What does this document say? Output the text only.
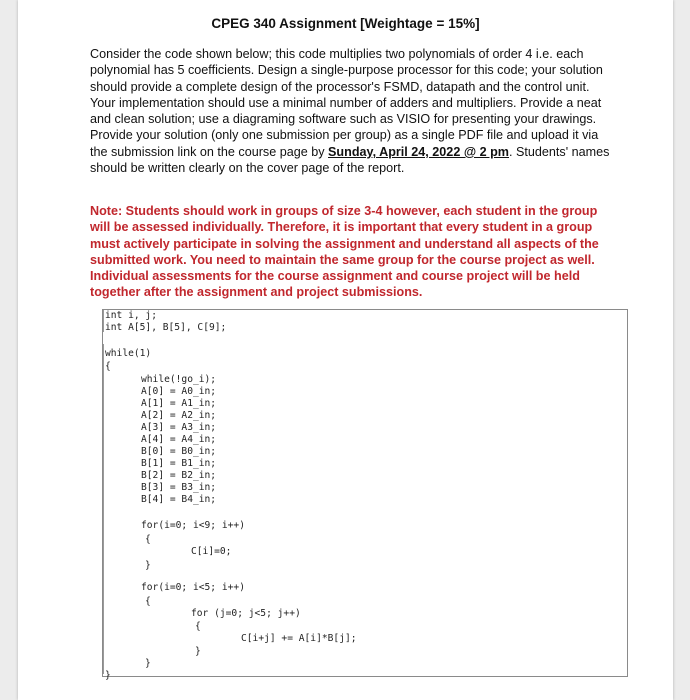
CPEG 340 Assignment [Weightage = 15%]
Consider the code shown below; this code multiplies two polynomials of order 4 i.e. each polynomial has 5 coefficients. Design a single-purpose processor for this code; your solution should provide a complete design of the processor's FSMD, datapath and the control unit. Your implementation should use a minimal number of adders and multipliers. Provide a neat and clean solution; use a diagraming software such as VISIO for presenting your drawings. Provide your solution (only one submission per group) as a single PDF file and upload it via the submission link on the course page by Sunday, April 24, 2022 @ 2 pm. Students' names should be written clearly on the cover page of the report.
Note: Students should work in groups of size 3-4 however, each student in the group will be assessed individually. Therefore, it is important that every student in a group must actively participate in solving the assignment and understand all aspects of the submitted work. You need to maintain the same group for the course project as well. Individual assessments for the course assignment and course project will be held together after the assignment and project submissions.
int i, j;
int A[5], B[5], C[9];
while(1)
{
while(!go_i);
A[0] = A0_in;
A[1] = A1_in;
A[2] = A2_in;
A[3] = A3_in;
A[4] = A4_in;
B[0] = B0_in;
B[1] = B1_in;
B[2] = B2_in;
B[3] = B3_in;
B[4] = B4_in;
for(i=0; i<9; i++)
{
C[i]=0;
}
for(i=0; i<5; i++)
{
for (j=0; j<5; j++)
{
C[i+j] += A[i]*B[j];
}
}
}
